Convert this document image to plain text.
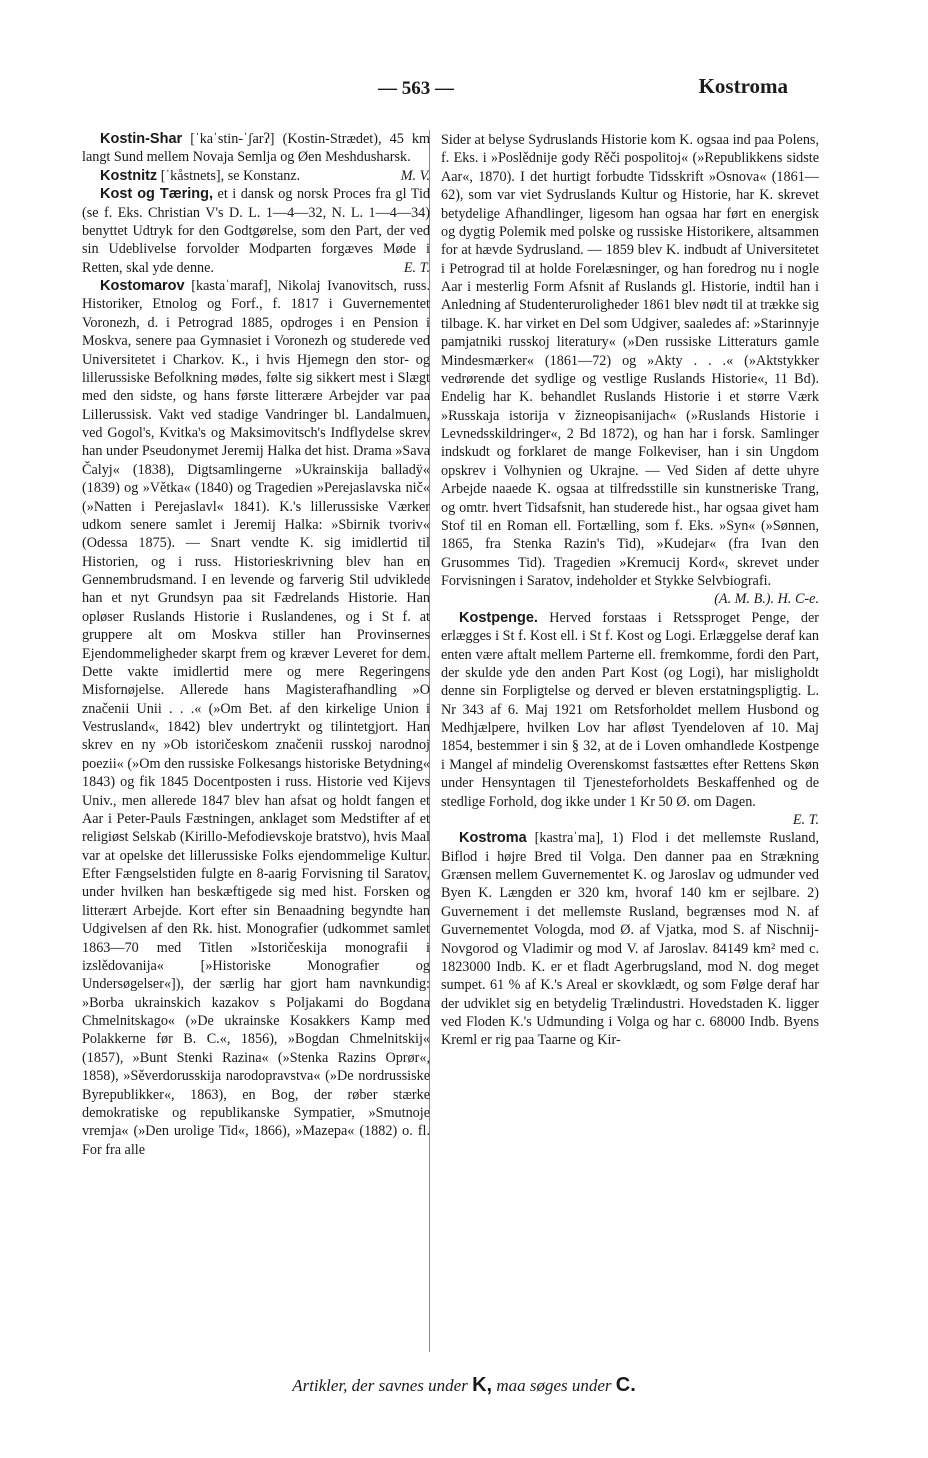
— 563 —	Kostroma

Kostin-Shar [ˈkaˈstin-ˈʃarʔ] (Kostin-Strædet), 45 km langt Sund mellem Novaja Semlja og Øen Meshdusharsk.
M. V.

Kostnitz [ˈkåstnets], se Konstanz.

Kost og Tæring, et i dansk og norsk Proces fra gl Tid (se f. Eks. Christian V's D. L. 1—4—32, N. L. 1—4—34) benyttet Udtryk for den Godtgørelse, som den Part, der ved sin Udeblivelse forvolder Modparten forgæves Møde i Retten, skal yde denne.	E. T.

Kostomarov [kastaˈmaraf], Nikolaj Ivanovitsch, russ. Historiker, Etnolog og Forf., f. 1817 i Guvernementet Voronezh, d. i Petrograd 1885, opdroges i en Pension i Moskva, senere paa Gymnasiet i Voronezh og studerede ved Universitetet i Charkov. K., i hvis Hjemegn den stor- og lillerussiske Befolkning mødes, følte sig sikkert mest i Slægt med den sidste, og hans første litterære Arbejder var paa Lillerussisk. Vakt ved stadige Vandringer bl. Landalmuen, ved Gogol's, Kvitka's og Maksimovitsch's Indflydelse skrev han under Pseudonymet Jeremij Halka det hist. Drama »Sava Čalyj« (1838), Digtsamlingerne »Ukrainskija balladÿ« (1839) og »Větka« (1840) og Tragedien »Perejaslavska nič« (»Natten i Perejaslavl« 1841). K.'s lillerussiske Værker udkom senere samlet i Jeremij Halka: »Sbirnik tvoriv« (Odessa 1875). — Snart vendte K. sig imidlertid til Historien, og i russ. Historieskrivning blev han en Gennembrudsmand. I en levende og farverig Stil udviklede han et nyt Grundsyn paa sit Fædrelands Historie. Han opløser Ruslands Historie i Ruslandenes, og i St f. at gruppere alt om Moskva stiller han Provinsernes Ejendommeligheder skarpt frem og kræver Leveret for dem. Dette vakte imidlertid mere og mere Regeringens Misfornøjelse. Allerede hans Magisterafhandling »O značenii Unii . . .« (»Om Bet. af den kirkelige Union i Vestrusland«, 1842) blev undertrykt og tilintetgjort. Han skrev en ny »Ob istoričeskom značenii russkoj narodnoj poezii« (»Om den russiske Folkesangs historiske Betydning« 1843) og fik 1845 Docentposten i russ. Historie ved Kijevs Univ., men allerede 1847 blev han afsat og holdt fangen et Aar i Peter-Pauls Fæstningen, anklaget som Medstifter af et religiøst Selskab (Kirillo-Mefodievskoje bratstvo), hvis Maal var at opelske det lillerussiske Folks ejendommelige Kultur. Efter Fængselstiden fulgte en 8-aarig Forvisning til Saratov, under hvilken han beskæftigede sig med hist. Forsken og litterært Arbejde. Kort efter sin Benaadning begyndte han Udgivelsen af den Rk. hist. Monografier (udkommet samlet 1863—70 med Titlen »Istoričeskija monografii i izslědovanija« [»Historiske Monografier og Undersøgelser«]), der særlig har gjort ham navnkundig: »Borba ukrainskich kazakov s Poljakami do Bogdana Chmelnitskago« (»De ukrainske Kosakkers Kamp med Polakkerne før B. C.«, 1856), »Bogdan Chmelnitskij« (1857), »Bunt Stenki Razina« (»Stenka Razins Oprør«, 1858), »Sěverdorusskija narodopravstva« (»De nordrussiske Byrepublikker«, 1863), en Bog, der røber stærke demokratiske og republikanske Sympatier, »Smutnoje vremja« (»Den urolige Tid«, 1866), »Mazepa« (1882) o. fl. For fra alle

Sider at belyse Sydruslands Historie kom K. ogsaa ind paa Polens, f. Eks. i »Poslědnije gody Rěči pospolitoj« (»Republikkens sidste Aar«, 1870). I det hurtigt forbudte Tidsskrift »Osnova« (1861—62), som var viet Sydruslands Kultur og Historie, har K. skrevet betydelige Afhandlinger, ligesom han ogsaa har ført en energisk og dygtig Polemik med polske og russiske Historikere, altsammen for at hævde Sydrusland. — 1859 blev K. indbudt af Universitetet i Petrograd til at holde Forelæsninger, og han foredrog nu i nogle Aar i mesterlig Form Afsnit af Ruslands gl. Historie, indtil han i Anledning af Studenteruroligheder 1861 blev nødt til at trække sig tilbage. K. har virket en Del som Udgiver, saaledes af: »Starinnyje pamjatniki russkoj literatury« (»Den russiske Litteraturs gamle Mindesmærker« (1861—72) og »Akty . . .« (»Aktstykker vedrørende det sydlige og vestlige Ruslands Historie«, 11 Bd). Endelig har K. behandlet Ruslands Historie i et større Værk »Russkaja istorija v žizneopisanijach« (»Ruslands Historie i Levnedsskildringer«, 2 Bd 1872), og han har i forsk. Samlinger indskudt og forklaret de mange Folkeviser, han i sin Ungdom opskrev i Volhynien og Ukrajne. — Ved Siden af dette uhyre Arbejde naaede K. ogsaa at tilfredsstille sin kunstneriske Trang, og omtr. hvert Tidsafsnit, han studerede hist., har ogsaa givet ham Stof til en Roman ell. Fortælling, som f. Eks. »Syn« (»Sønnen, 1865, fra Stenka Razin's Tid), »Kudejar« (fra Ivan den Grusommes Tid). Tragedien »Kremucij Kord«, skrevet under Forvisningen i Saratov, indeholder et Stykke Selvbiografi.

(A. M. B.). H. C-e.

Kostpenge. Herved forstaas i Retssproget Penge, der erlægges i St f. Kost ell. i St f. Kost og Logi. Erlæggelse deraf kan enten være aftalt mellem Parterne ell. fremkomme, fordi den Part, der skulde yde den anden Part Kost (og Logi), har misligholdt denne sin Forpligtelse og derved er bleven erstatningspligtig. L. Nr 343 af 6. Maj 1921 om Retsforholdet mellem Husbond og Medhjælpere, hvilken Lov har afløst Tyendeloven af 10. Maj 1854, bestemmer i sin § 32, at de i Loven omhandlede Kostpenge i Mangel af mindelig Overenskomst fastsættes efter Rettens Skøn under Hensyntagen til Tjenesteforholdets Beskaffenhed og de stedlige Forhold, dog ikke under 1 Kr 50 Ø. om Dagen.

E. T.

Kostroma [kastraˈma], 1) Flod i det mellemste Rusland, Biflod i højre Bred til Volga. Den danner paa en Strækning Grænsen mellem Guvernementet K. og Jaroslav og udmunder ved Byen K. Længden er 320 km, hvoraf 140 km er sejlbare. 2) Guvernement i det mellemste Rusland, begrænses mod N. af Guvernementet Vologda, mod Ø. af Vjatka, mod S. af Nischnij-Novgorod og Vladimir og mod V. af Jaroslav. 84149 km² med c. 1823000 Indb. K. er et fladt Agerbrugsland, mod N. dog meget sumpet. 61 % af K.'s Areal er skovklædt, og som Følge deraf har der udviklet sig en betydelig Trælindustri. Hovedstaden K. ligger ved Floden K.'s Udmunding i Volga og har c. 68000 Indb. Byens Kreml er rig paa Taarne og Kir-

Artikler, der savnes under K, maa søges under C.
